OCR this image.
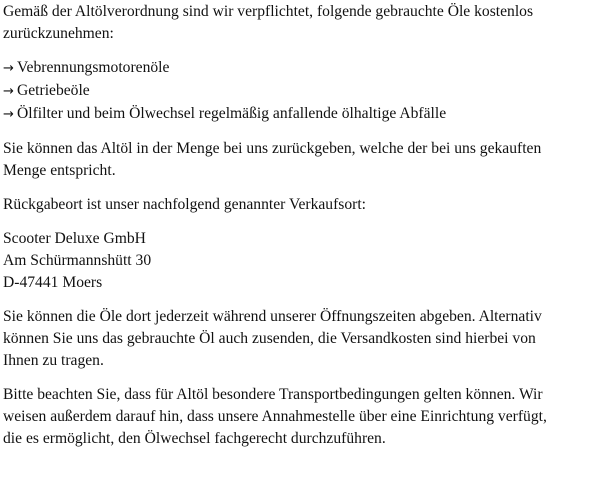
Gemäß der Altölverordnung sind wir verpflichtet, folgende gebrauchte Öle kostenlos

zurückzunehmen:

→ Vebrennungsmotorenöle

→ Getriebeöle

→ Ölfilter und beim Ölwechsel regelmäßig anfallende ölhaltige Abfälle

Sie können das Altöl in der Menge bei uns zurückgeben, welche der bei uns gekauften

Menge entspricht.

Rückgabeort ist unser nachfolgend genannter Verkaufsort:

Scooter Deluxe GmbH

Am Schürmannshütt 30

D-47441 Moers

Sie können die Öle dort jederzeit während unserer Öffnungszeiten abgeben. Alternativ

können Sie uns das gebrauchte Öl auch zusenden, die Versandkosten sind hierbei von

Ihnen zu tragen.

Bitte beachten Sie, dass für Altöl besondere Transportbedingungen gelten können. Wir

weisen außerdem darauf hin, dass unsere Annahmestelle über eine Einrichtung verfügt,

die es ermöglicht, den Ölwechsel fachgerecht durchzuführen.
